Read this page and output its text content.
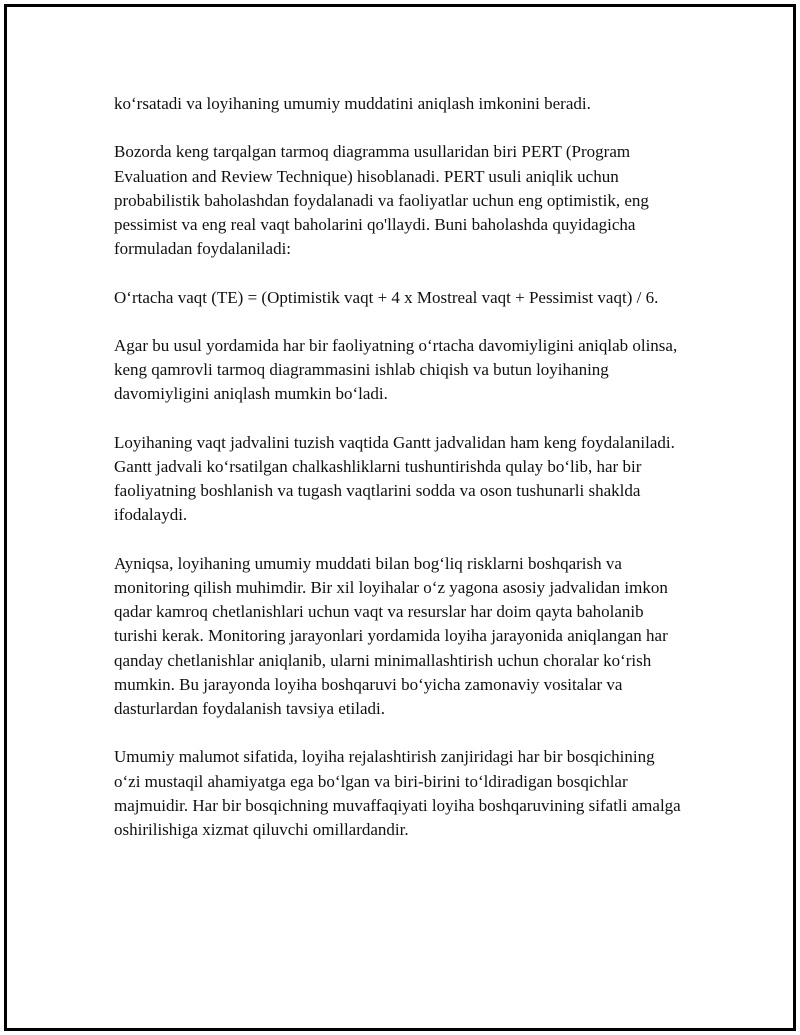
ko‘rsatadi va loyihaning umumiy muddatini aniqlash imkonini beradi.

Bozorda keng tarqalgan tarmoq diagramma usullaridan biri PERT (Program Evaluation and Review Technique) hisoblanadi. PERT usuli aniqlik uchun probabilistik baholashdan foydalanadi va faoliyatlar uchun eng optimistik, eng pessimist va eng real vaqt baholarini qo'llaydi. Buni baholashda quyidagicha formuladan foydalaniladi:

O‘rtacha vaqt (TE) = (Optimistik vaqt + 4 x Mostreal vaqt + Pessimist vaqt) / 6.

Agar bu usul yordamida har bir faoliyatning o‘rtacha davomiyligini aniqlab olinsa, keng qamrovli tarmoq diagrammasini ishlab chiqish va butun loyihaning davomiyligini aniqlash mumkin bo‘ladi.

Loyihaning vaqt jadvalini tuzish vaqtida Gantt jadvalidan ham keng foydalaniladi. Gantt jadvali ko‘rsatilgan chalkashliklarni tushuntirishda qulay bo‘lib, har bir faoliyatning boshlanish va tugash vaqtlarini sodda va oson tushunarli shaklda ifodalaydi.

Ayniqsa, loyihaning umumiy muddati bilan bog‘liq risklarni boshqarish va monitoring qilish muhimdir. Bir xil loyihalar o‘z yagona asosiy jadvalidan imkon qadar kamroq chetlanishlari uchun vaqt va resurslar har doim qayta baholanib turishi kerak. Monitoring jarayonlari yordamida loyiha jarayonida aniqlangan har qanday chetlanishlar aniqlanib, ularni minimallashtirish uchun choralar ko‘rish mumkin. Bu jarayonda loyiha boshqaruvi bo‘yicha zamonaviy vositalar va dasturlardan foydalanish tavsiya etiladi.

Umumiy malumot sifatida, loyiha rejalashtirish zanjiridagi har bir bosqichining o‘zi mustaqil ahamiyatga ega bo‘lgan va biri-birini to‘ldiradigan bosqichlar majmuidir. Har bir bosqichning muvaffaqiyati loyiha boshqaruvining sifatli amalga oshirilishiga xizmat qiluvchi omillardandir.
